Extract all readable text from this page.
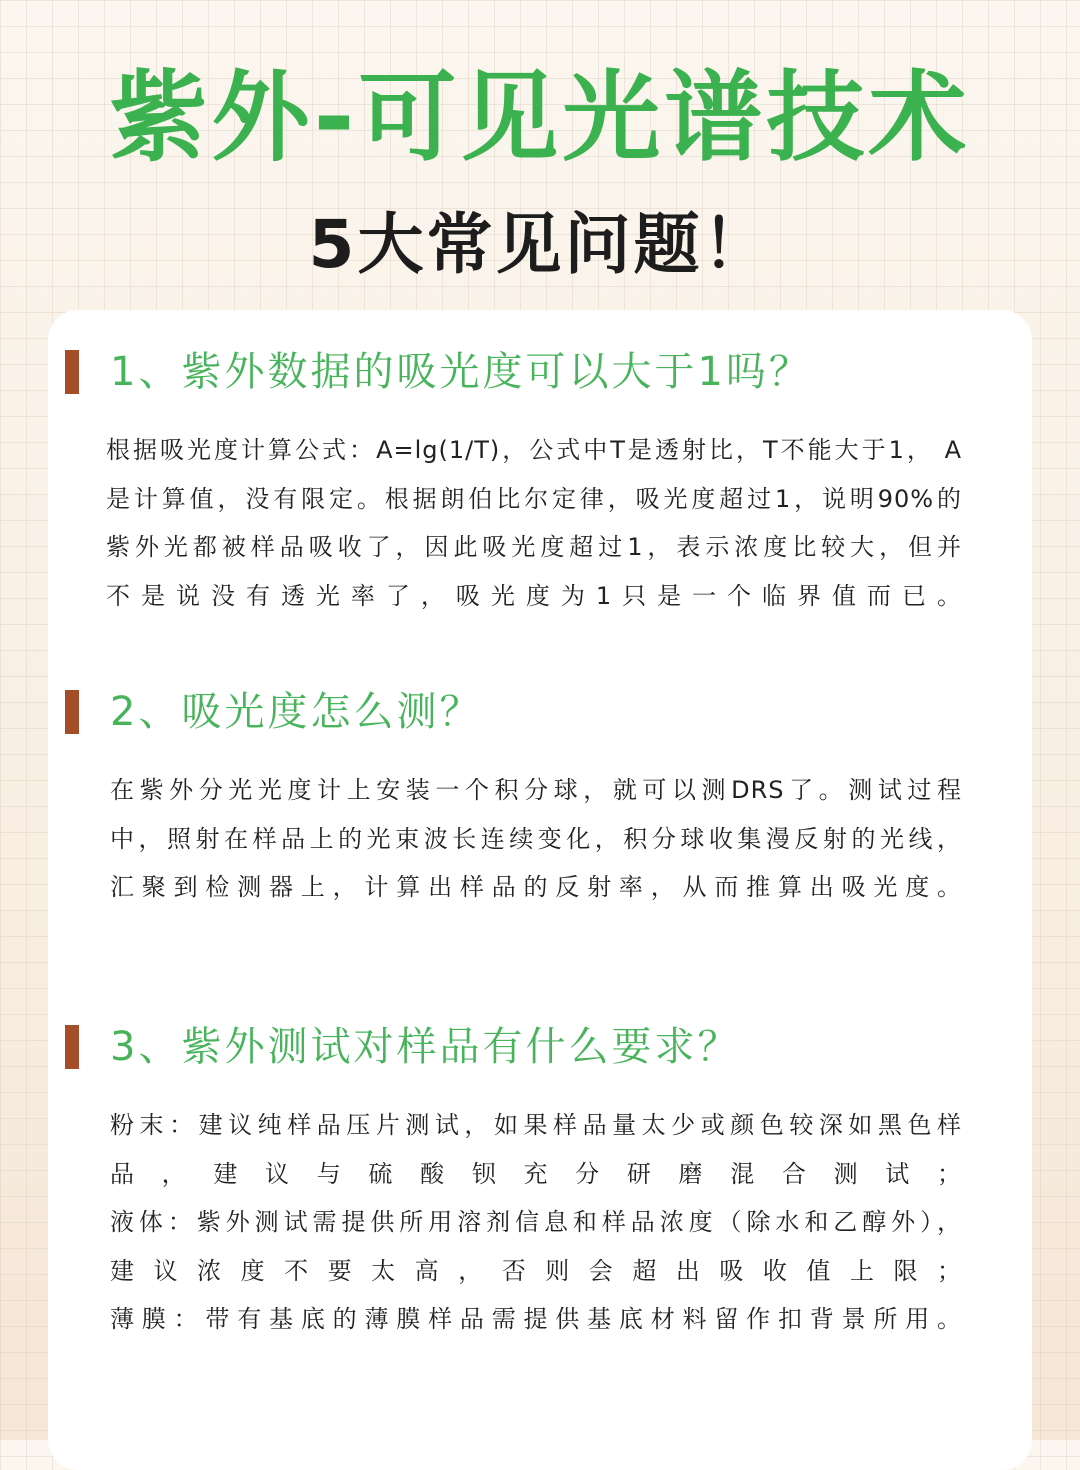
紫外-可见光谱技术
5大常见问题！
1、紫外数据的吸光度可以大于1吗？

根据吸光度计算公式：A=lg(1/T)，公式中T是透射比，T不能大于1， A

是计算值，没有限定。根据朗伯比尔定律，吸光度超过1，说明90%的

紫外光都被样品吸收了，因此吸光度超过1，表示浓度比较大，但并

不是说没有透光率了，吸光度为1只是一个临界值而已。

2、吸光度怎么测？

在紫外分光光度计上安装一个积分球，就可以测DRS了。测试过程

中，照射在样品上的光束波长连续变化，积分球收集漫反射的光线，

汇聚到检测器上，计算出样品的反射率，从而推算出吸光度。

3、紫外测试对样品有什么要求？

粉末：建议纯样品压片测试，如果样品量太少或颜色较深如黑色样

品，建议与硫酸钡充分研磨混合测试；

液体：紫外测试需提供所用溶剂信息和样品浓度（除水和乙醇外），

建议浓度不要太高，否则会超出吸收值上限；

薄膜：带有基底的薄膜样品需提供基底材料留作扣背景所用。
